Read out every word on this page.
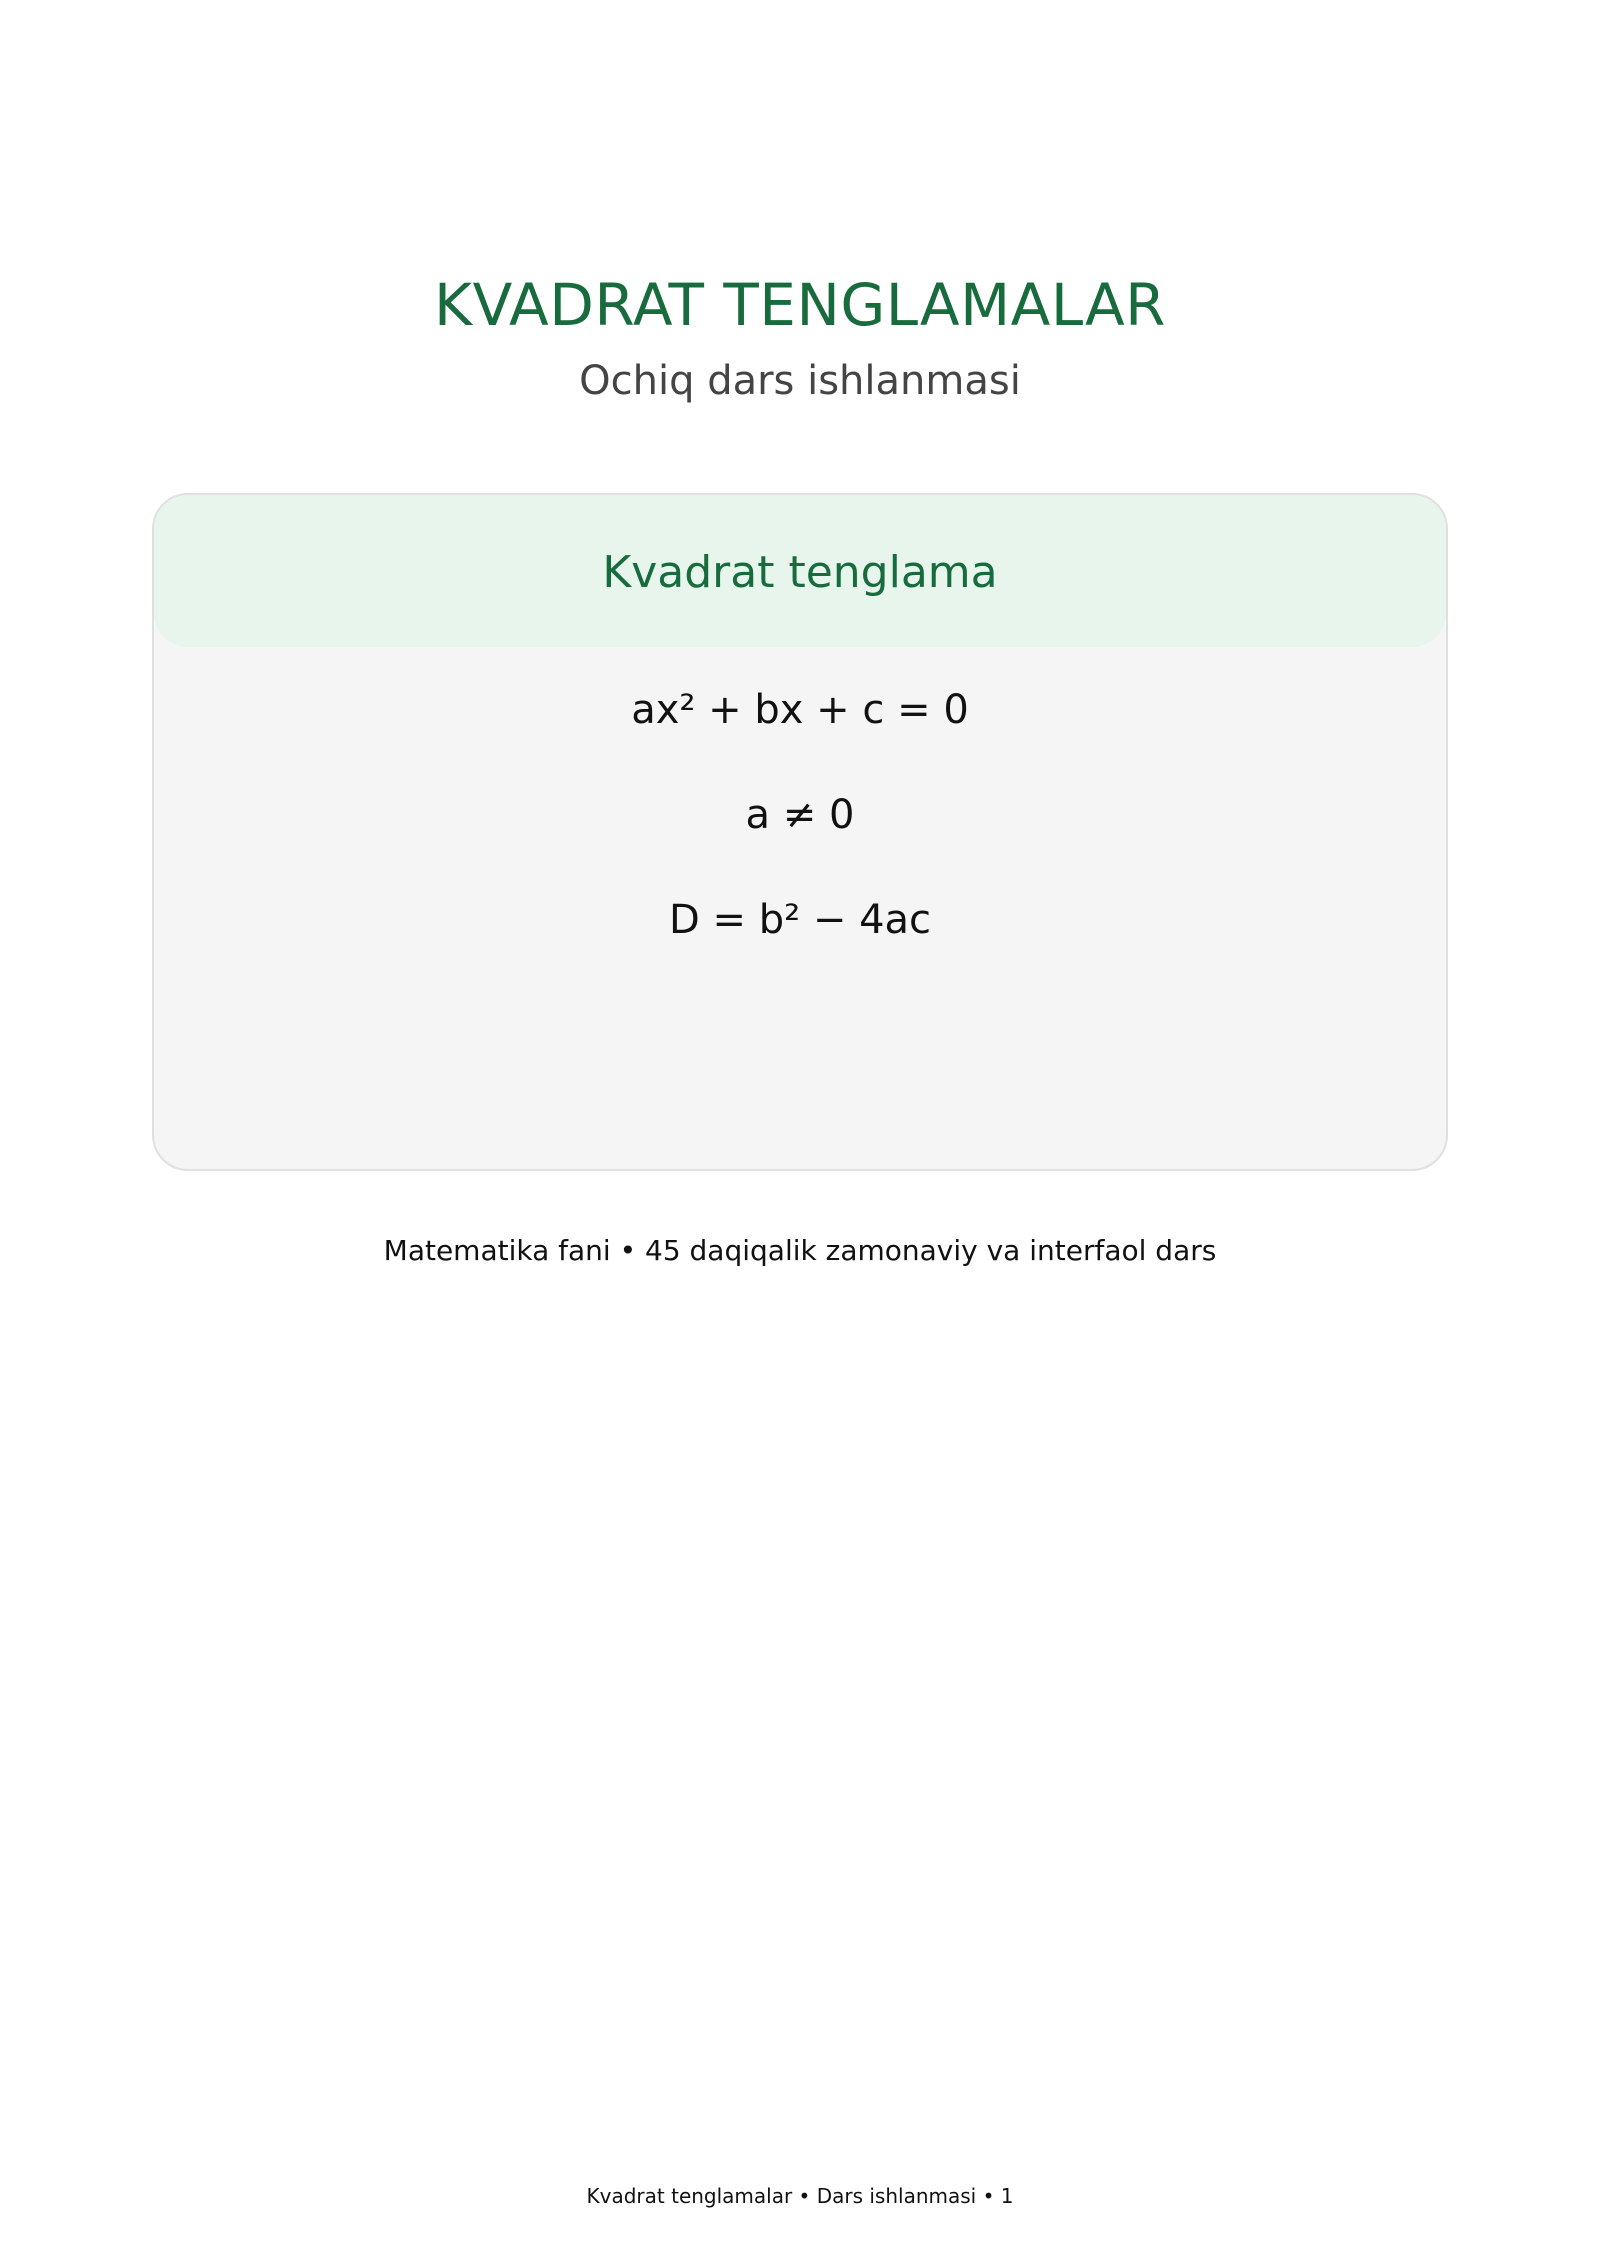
KVADRAT TENGLAMALAR
Ochiq dars ishlanmasi
Kvadrat tenglama
ax² + bx + c = 0
a ≠ 0
D = b² − 4ac
Matematika fani • 45 daqiqalik zamonaviy va interfaol dars
Kvadrat tenglamalar • Dars ishlanmasi • 1
